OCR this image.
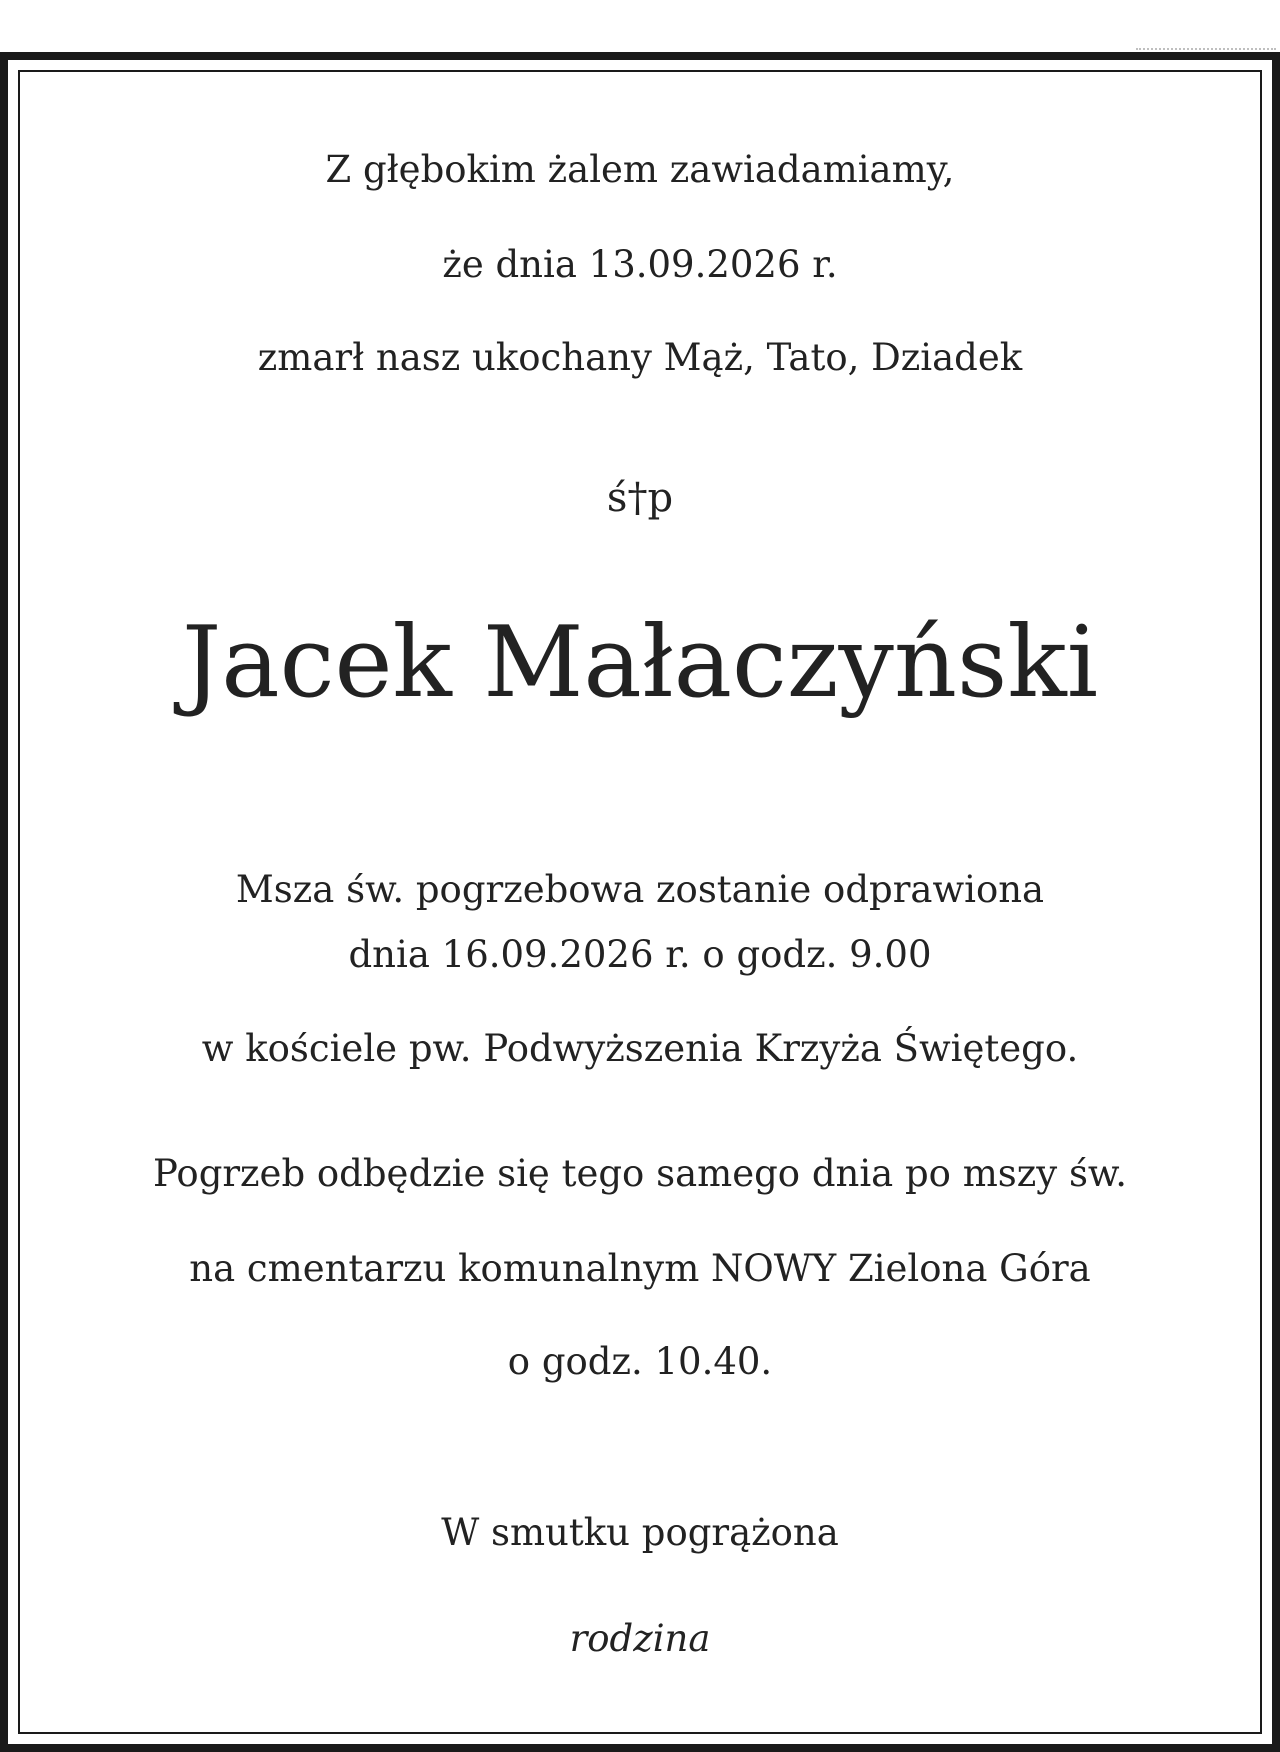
Z głębokim żalem zawiadamiamy,
że dnia 13.09.2026 r.
zmarł nasz ukochany Mąż, Tato, Dziadek
ś†p
Jacek Małaczyński
Msza św. pogrzebowa zostanie odprawiona
dnia 16.09.2026 r. o godz. 9.00
w kościele pw. Podwyższenia Krzyża Świętego.
Pogrzeb odbędzie się tego samego dnia po mszy św.
na cmentarzu komunalnym NOWY Zielona Góra
o godz. 10.40.
W smutku pogrążona
rodzina
